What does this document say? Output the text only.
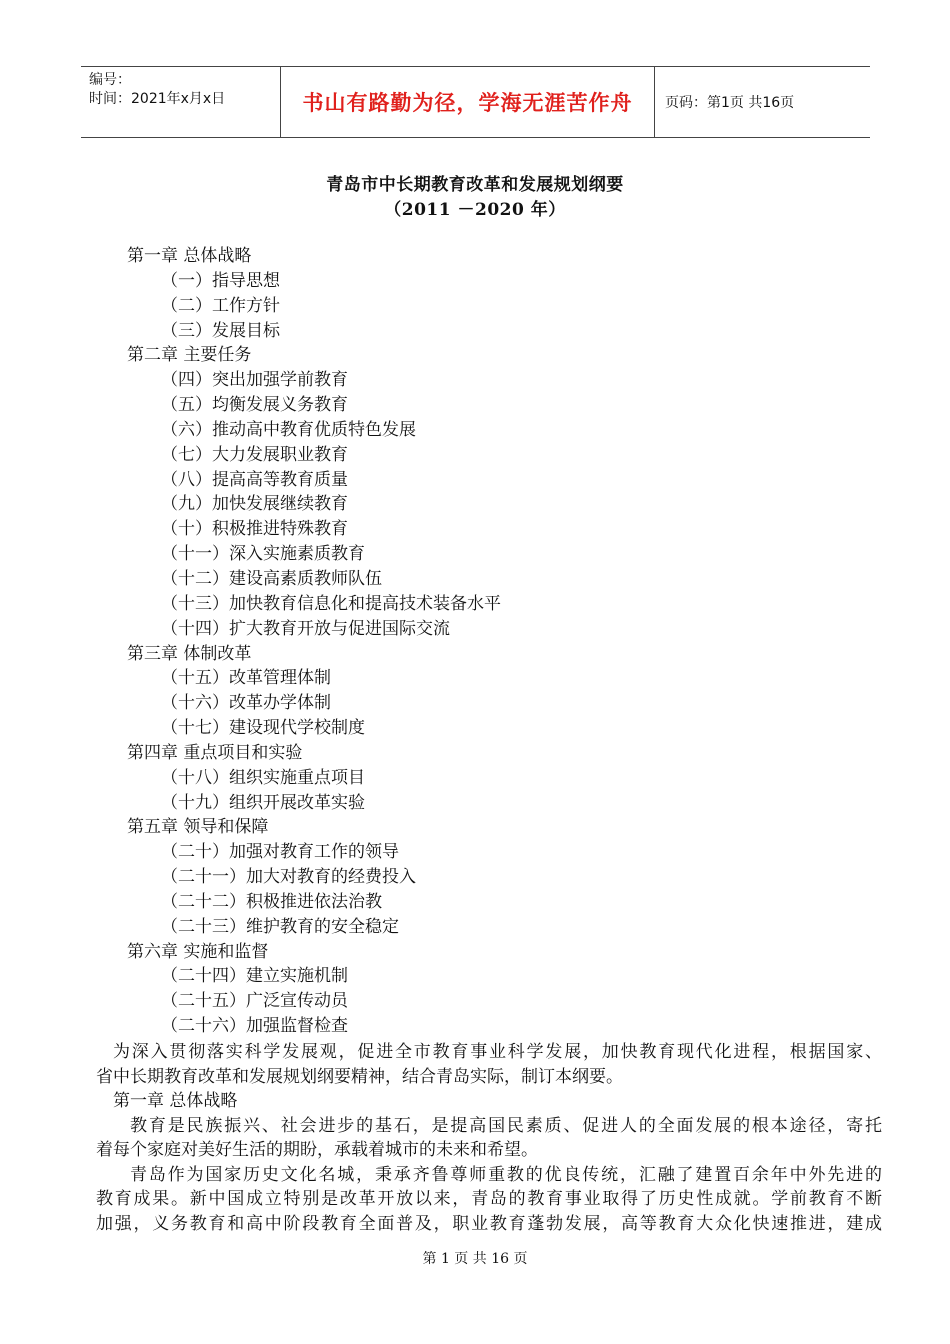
编号：
时间：2021年x月x日	书山有路勤为径，学海无涯苦作舟 页码：第1页 共16页
青岛市中长期教育改革和发展规划纲要
（2011 －2020 年）
第一章 总体战略
（一）指导思想
（二）工作方针
（三）发展目标
第二章 主要任务
（四）突出加强学前教育
（五）均衡发展义务教育
（六）推动高中教育优质特色发展
（七）大力发展职业教育
（八）提高高等教育质量
（九）加快发展继续教育
（十）积极推进特殊教育
（十一）深入实施素质教育
（十二）建设高素质教师队伍
（十三）加快教育信息化和提高技术装备水平
（十四）扩大教育开放与促进国际交流
第三章 体制改革
（十五）改革管理体制
（十六）改革办学体制
（十七）建设现代学校制度
第四章 重点项目和实验
（十八）组织实施重点项目
（十九）组织开展改革实验
第五章 领导和保障
（二十）加强对教育工作的领导
（二十一）加大对教育的经费投入
（二十二）积极推进依法治教
（二十三）维护教育的安全稳定
第六章 实施和监督
（二十四）建立实施机制
（二十五）广泛宣传动员
（二十六）加强监督检查
为深入贯彻落实科学发展观，促进全市教育事业科学发展，加快教育现代化进程，根据国家、
省中长期教育改革和发展规划纲要精神，结合青岛实际，制订本纲要。
第一章 总体战略
教育是民族振兴、社会进步的基石，是提高国民素质、促进人的全面发展的根本途径，寄托
着每个家庭对美好生活的期盼，承载着城市的未来和希望。
青岛作为国家历史文化名城，秉承齐鲁尊师重教的优良传统，汇融了建置百余年中外先进的
教育成果。新中国成立特别是改革开放以来，青岛的教育事业取得了历史性成就。学前教育不断
加强，义务教育和高中阶段教育全面普及，职业教育蓬勃发展，高等教育大众化快速推进，建成
第 1 页 共 16 页
